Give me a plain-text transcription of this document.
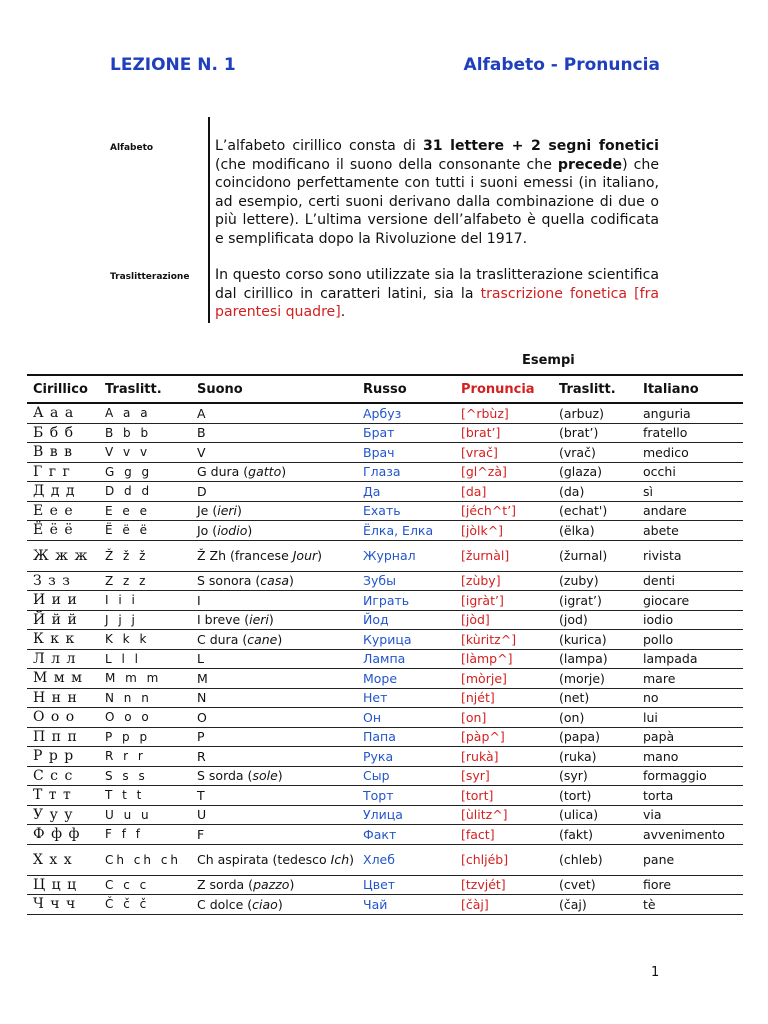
LEZIONE N. 1	Alfabeto - Pronuncia
Alfabeto
Traslitterazione

L’alfabeto cirillico consta di 31 lettere + 2 segni fonetici (che modificano il suono della consonante che precede) che coincidono perfettamente con tutti i suoni emessi (in italiano, ad esempio, certi suoni derivano dalla combinazione di due o più lettere). L’ultima versione dell’alfabeto è quella codificata e semplificata dopo la Rivoluzione del 1917.

In questo corso sono utilizzate sia la traslitterazione scientifica dal cirillico in caratteri latini, sia la trascrizione fonetica [fra parentesi quadre].

Esempi
Cirillico	Traslitt.	Suono	Russo	Pronuncia	Traslitt.	Italiano
А а а	A a a	A	Арбуз	[^rbùz]	(arbuz)	anguria
Б б б	B b b	B	Брат	[brat’]	(brat’)	fratello
В в в	V v v	V	Врач	[vrač]	(vrač)	medico
Г г г	G g g	G dura (gatto)	Глаза	[gl^zà]	(glaza)	occhi
Д д д	D d d	D	Да	[da]	(da)	sì
Е е е	E e e	Je (ieri)	Ехать	[jéch^t’]	(echat')	andare
Ё ё ё	Ë ë ë	Jo (iodio)	Ёлка, Елка	[jòlk^]	(ëlka)	abete
Ж ж ж	Ž ž ž	Ž Zh (francese Jour)	Журнал	[žurnàl]	(žurnal)	rivista
З з з	Z z z	S sonora (casa)	Зубы	[zùby]	(zuby)	denti
И и и	I i i	I	Играть	[igràt’]	(igrat’)	giocare
Й й й	J j j	I breve (ieri)	Йод	[jòd]	(jod)	iodio
К к к	K k k	C dura (cane)	Курица	[kùritz^]	(kurica)	pollo
Л л л	L l l	L	Лампа	[làmp^]	(lampa)	lampada
М м м	M m m	M	Море	[mòrje]	(morje)	mare
Н н н	N n n	N	Нет	[njét]	(net)	no
О о о	O o o	O	Он	[on]	(on)	lui
П п п	P p p	P	Папа	[pàp^]	(papa)	papà
Р р р	R r r	R	Рука	[rukà]	(ruka)	mano
С с с	S s s	S sorda (sole)	Сыр	[syr]	(syr)	formaggio
Т т т	T t t	T	Торт	[tort]	(tort)	torta
У у у	U u u	U	Улица	[ùlitz^]	(ulica)	via
Ф ф ф	F f f	F	Факт	[fact]	(fakt)	avvenimento
Х х х	Ch ch ch	Ch aspirata (tedesco Ich)	Хлеб	[chljéb]	(chleb)	pane
Ц ц ц	C c c	Z sorda (pazzo)	Цвет	[tzvjét]	(cvet)	fiore
Ч ч ч	Č č č	C dolce (ciao)	Чай	[čàj]	(čaj)	tè
1
